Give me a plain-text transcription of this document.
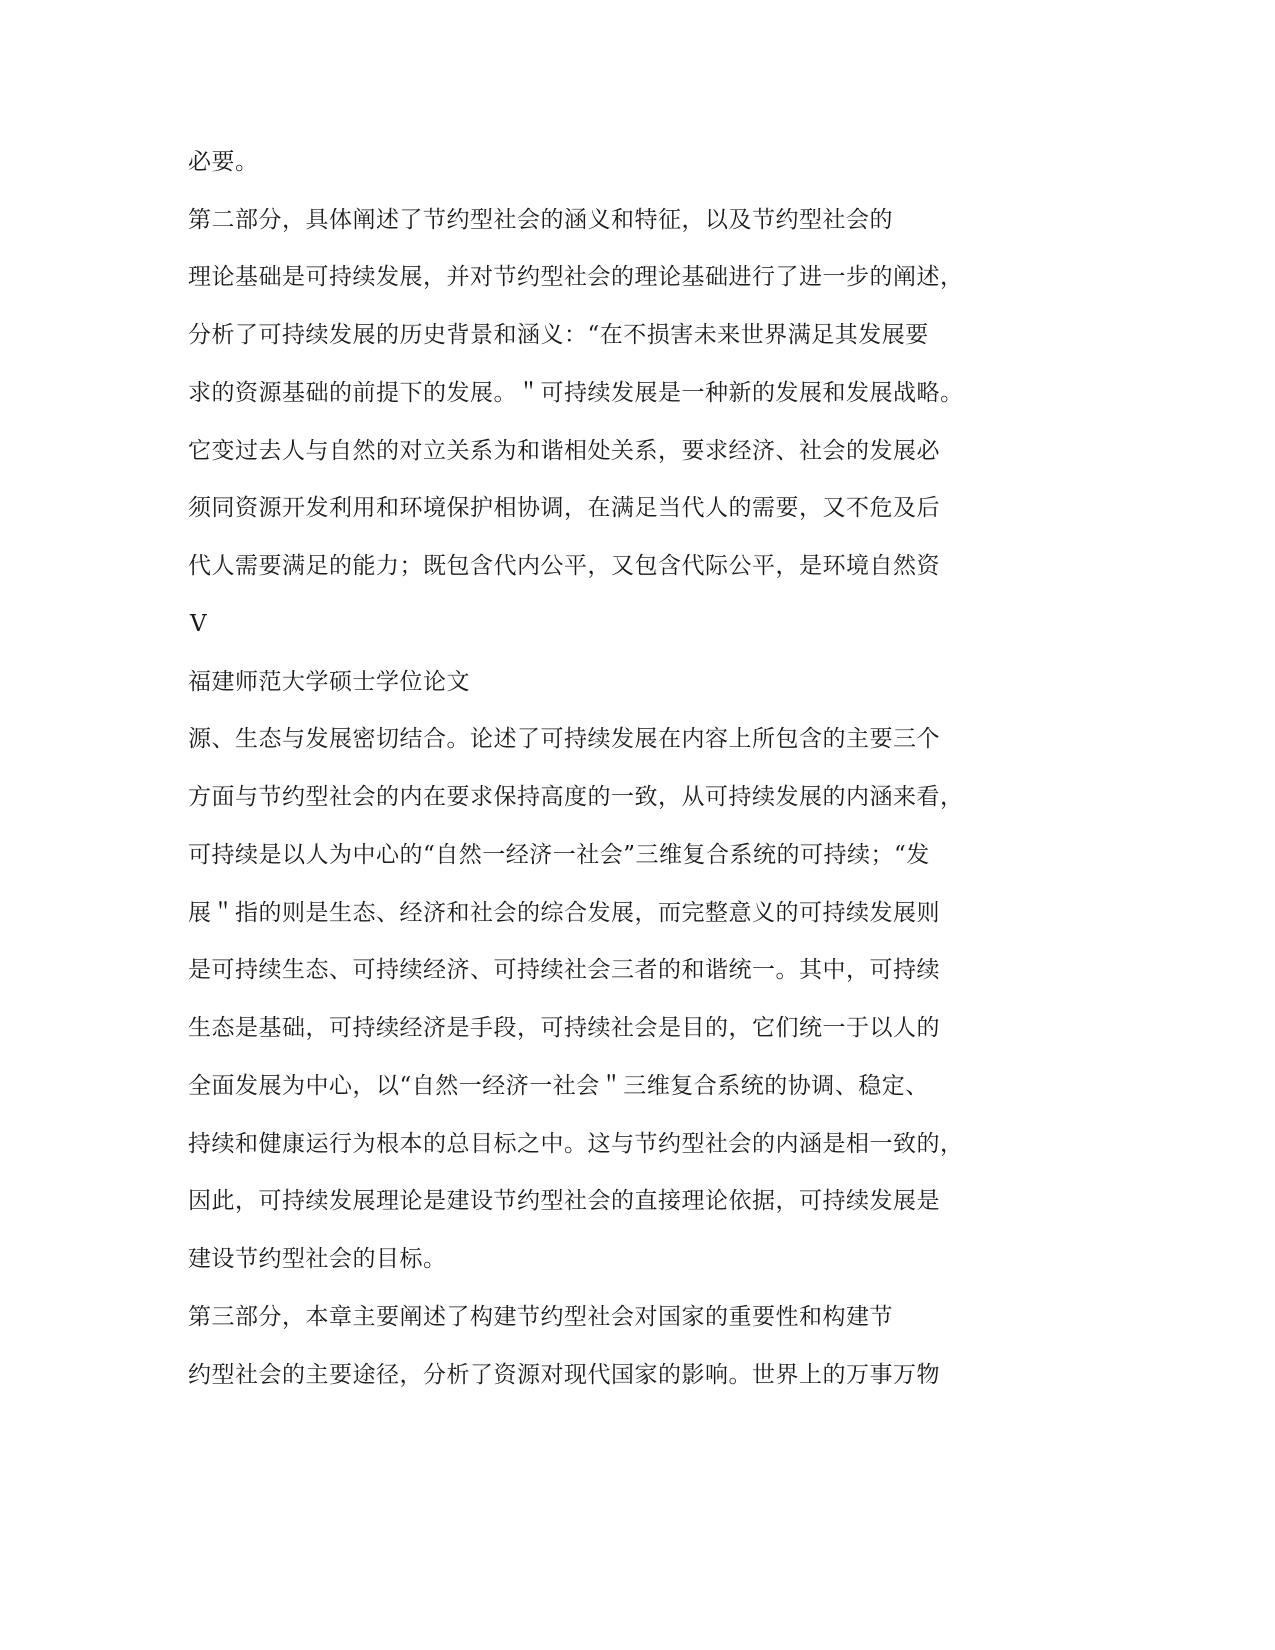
必要。
第二部分，具体阐述了节约型社会的涵义和特征，以及节约型社会的
理论基础是可持续发展，并对节约型社会的理论基础进行了进一步的阐述，
分析了可持续发展的历史背景和涵义：“在不损害未来世界满足其发展要
求的资源基础的前提下的发展。＂可持续发展是一种新的发展和发展战略。
它变过去人与自然的对立关系为和谐相处关系，要求经济、社会的发展必
须同资源开发利用和环境保护相协调，在满足当代人的需要，又不危及后
代人需要满足的能力；既包含代内公平，又包含代际公平，是环境自然资
V
福建师范大学硕士学位论文
源、生态与发展密切结合。论述了可持续发展在内容上所包含的主要三个
方面与节约型社会的内在要求保持高度的一致，从可持续发展的内涵来看，
可持续是以人为中心的“自然一经济一社会”三维复合系统的可持续；“发
展＂指的则是生态、经济和社会的综合发展，而完整意义的可持续发展则
是可持续生态、可持续经济、可持续社会三者的和谐统一。其中，可持续
生态是基础，可持续经济是手段，可持续社会是目的，它们统一于以人的
全面发展为中心，以“自然一经济一社会＂三维复合系统的协调、稳定、
持续和健康运行为根本的总目标之中。这与节约型社会的内涵是相一致的，
因此，可持续发展理论是建设节约型社会的直接理论依据，可持续发展是
建设节约型社会的目标。
第三部分，本章主要阐述了构建节约型社会对国家的重要性和构建节
约型社会的主要途径，分析了资源对现代国家的影响。世界上的万事万物
